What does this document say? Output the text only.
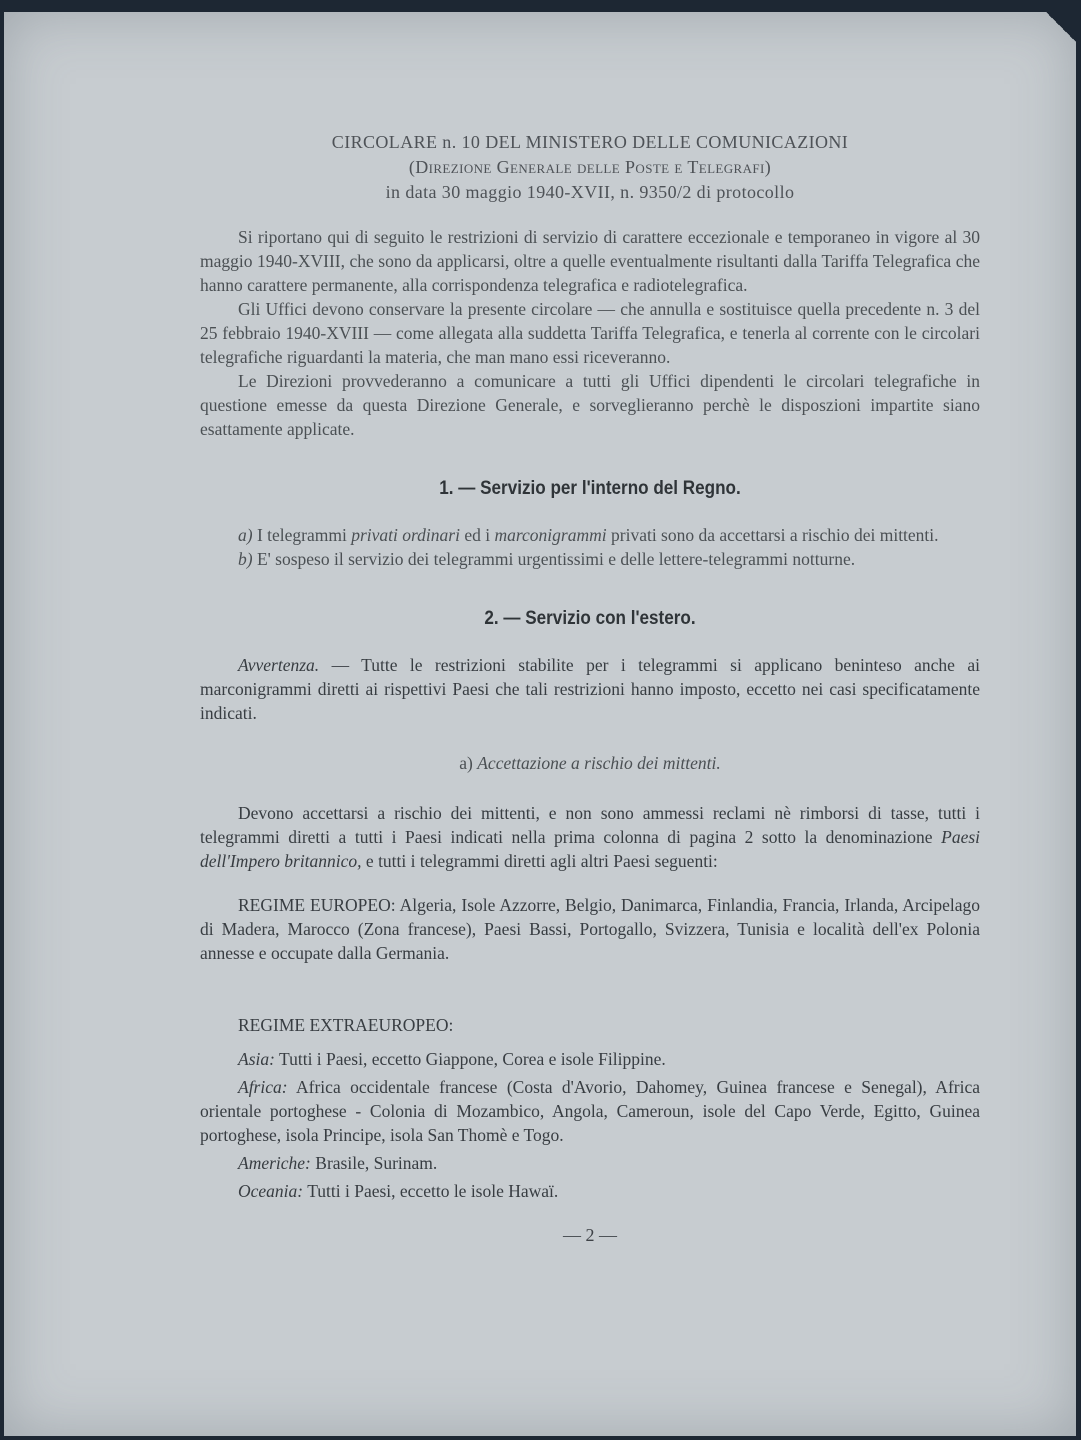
CIRCOLARE n. 10 DEL MINISTERO DELLE COMUNICAZIONI
(Direzione Generale delle Poste e Telegrafi)
in data 30 maggio 1940-XVII, n. 9350/2 di protocollo

Si riportano qui di seguito le restrizioni di servizio di carattere eccezionale e temporaneo in vigore al 30 maggio 1940-XVIII, che sono da applicarsi, oltre a quelle eventualmente risultanti dalla Tariffa Telegrafica che hanno carattere permanente, alla corrispondenza telegrafica e radiotelegrafica.

Gli Uffici devono conservare la presente circolare — che annulla e sostituisce quella precedente n. 3 del 25 febbraio 1940-XVIII — come allegata alla suddetta Tariffa Telegrafica, e tenerla al corrente con le circolari telegrafiche riguardanti la materia, che man mano essi riceveranno.

Le Direzioni provvederanno a comunicare a tutti gli Uffici dipendenti le circolari telegrafiche in questione emesse da questa Direzione Generale, e sorveglieranno perchè le disposzioni impartite siano esattamente applicate.

1. — Servizio per l'interno del Regno.

a) I telegrammi privati ordinari ed i marconigrammi privati sono da accettarsi a rischio dei mittenti.

b) E' sospeso il servizio dei telegrammi urgentissimi e delle lettere-telegrammi notturne.

2. — Servizio con l'estero.

Avvertenza. — Tutte le restrizioni stabilite per i telegrammi si applicano beninteso anche ai marconigrammi diretti ai rispettivi Paesi che tali restrizioni hanno imposto, eccetto nei casi specificatamente indicati.

a) Accettazione a rischio dei mittenti.

Devono accettarsi a rischio dei mittenti, e non sono ammessi reclami nè rimborsi di tasse, tutti i telegrammi diretti a tutti i Paesi indicati nella prima colonna di pagina 2 sotto la denominazione Paesi dell'Impero britannico, e tutti i telegrammi diretti agli altri Paesi seguenti:

REGIME EUROPEO: Algeria, Isole Azzorre, Belgio, Danimarca, Finlandia, Francia, Irlanda, Arcipelago di Madera, Marocco (Zona francese), Paesi Bassi, Portogallo, Svizzera, Tunisia e località dell'ex Polonia annesse e occupate dalla Germania.

REGIME EXTRAEUROPEO:

Asia: Tutti i Paesi, eccetto Giappone, Corea e isole Filippine.

Africa: Africa occidentale francese (Costa d'Avorio, Dahomey, Guinea francese e Senegal), Africa orientale portoghese - Colonia di Mozambico, Angola, Cameroun, isole del Capo Verde, Egitto, Guinea portoghese, isola Principe, isola San Thomè e Togo.

Americhe: Brasile, Surinam.

Oceania: Tutti i Paesi, eccetto le isole Hawaï.

— 2 —
